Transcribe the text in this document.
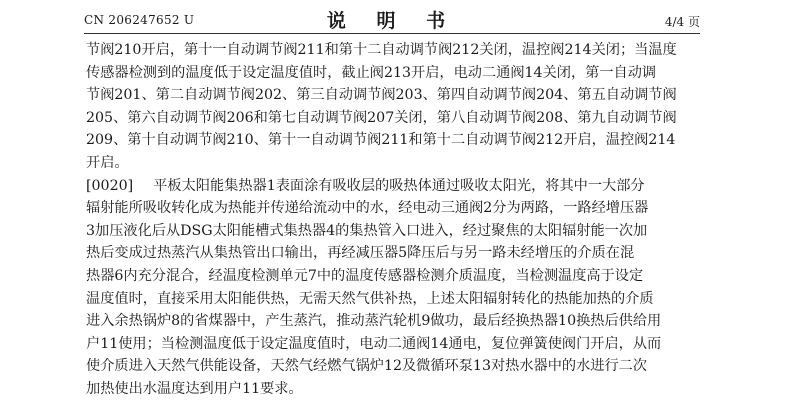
CN 206247652 U	说 明 书	4/4 页
节阀210开启，第十一自动调节阀211和第十二自动调节阀212关闭，温控阀214关闭；当温度
传感器检测到的温度低于设定温度值时，截止阀213开启，电动二通阀14关闭，第一自动调
节阀201、第二自动调节阀202、第三自动调节阀203、第四自动调节阀204、第五自动调节阀
205、第六自动调节阀206和第七自动调节阀207关闭，第八自动调节阀208、第九自动调节阀
209、第十自动调节阀210、第十一自动调节阀211和第十二自动调节阀212开启，温控阀214
开启。
[0020] 平板太阳能集热器1表面涂有吸收层的吸热体通过吸收太阳光，将其中一大部分
辐射能所吸收转化成为热能并传递给流动中的水，经电动三通阀2分为两路，一路经增压器
3加压液化后从DSG太阳能槽式集热器4的集热管入口进入，经过聚焦的太阳辐射能一次加
热后变成过热蒸汽从集热管出口输出，再经减压器5降压后与另一路未经增压的介质在混
热器6内充分混合，经温度检测单元7中的温度传感器检测介质温度，当检测温度高于设定
温度值时，直接采用太阳能供热，无需天然气供补热，上述太阳辐射转化的热能加热的介质
进入余热锅炉8的省煤器中，产生蒸汽，推动蒸汽轮机9做功，最后经换热器10换热后供给用
户11使用；当检测温度低于设定温度值时，电动二通阀14通电，复位弹簧使阀门开启，从而
使介质进入天然气供能设备，天然气经燃气锅炉12及微循环泵13对热水器中的水进行二次
加热使出水温度达到用户11要求。
